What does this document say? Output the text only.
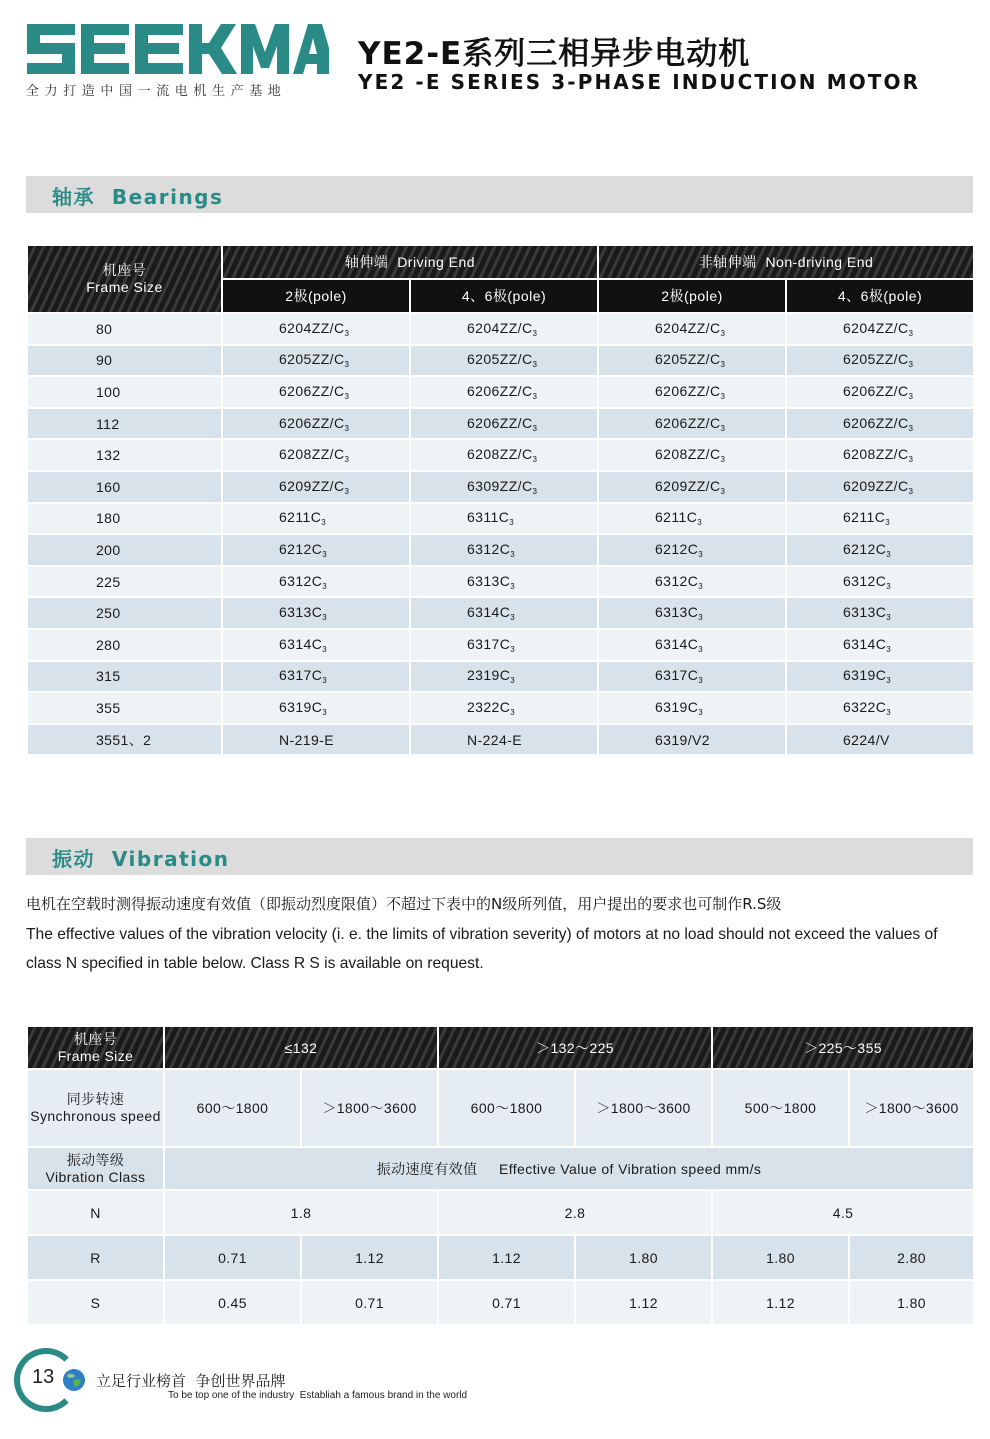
全力打造中国一流电机生产基地
YE2-E系列三相异步电动机
YE2 -E SERIES 3-PHASE INDUCTION MOTOR
轴承  Bearings
机座号
Frame Size	轴伸端  Driving End		非轴伸端  Non-driving End	
	2极(pole)	4、6极(pole)	2极(pole)	4、6极(pole)
80	$6204ZZ/C_3$	$6204ZZ/C_3$	$6204ZZ/C_3$	$6204ZZ/C_3$
90	$6205ZZ/C_3$	$6205ZZ/C_3$	$6205ZZ/C_3$	$6205ZZ/C_3$
100	$6206ZZ/C_3$	$6206ZZ/C_3$	$6206ZZ/C_3$	$6206ZZ/C_3$
112	$6206ZZ/C_3$	$6206ZZ/C_3$	$6206ZZ/C_3$	$6206ZZ/C_3$
132	$6208ZZ/C_3$	$6208ZZ/C_3$	$6208ZZ/C_3$	$6208ZZ/C_3$
160	$6209ZZ/C_3$	$6309ZZ/C_3$	$6209ZZ/C_3$	$6209ZZ/C_3$
180	$6211C_3$	$6311C_3$	$6211C_3$	$6211C_3$
200	$6212C_3$	$6312C_3$	$6212C_3$	$6212C_3$
225	$6312C_3$	$6313C_3$	$6312C_3$	$6312C_3$
250	$6313C_3$	$6314C_3$	$6313C_3$	$6313C_3$
280	$6314C_3$	$6317C_3$	$6314C_3$	$6314C_3$
315	$6317C_3$	$2319C_3$	$6317C_3$	$6319C_3$
355	$6319C_3$	$2322C_3$	$6319C_3$	$6322C_3$
3551、2	N-219-E	N-224-E	6319/V2	6224/V
振动  Vibration
电机在空载时测得振动速度有效值（即振动烈度限值）不超过下表中的N级所列值，用户提出的要求也可制作R.S级
The effective values of the vibration velocity (i. e. the limits of vibration severity) of motors at no load should not exceed the values of class N specified in table below. Class R S is available on request.
机座号
Frame Size	≤132		＞132～225		＞225～355	

同步转速
Synchronous speed	600～1800	＞1800～3600	600～1800	＞1800～3600	500～1800	＞1800～3600

振动等级
Vibration Class	振动速度有效值     Effective Value of Vibration speed mm/s					
N	1.8		2.8		4.5	
R	0.71	1.12	1.12	1.80	1.80	2.80
S	0.45	0.71	0.71	1.12	1.12	1.80
13	立足行业榜首  争创世界品牌
To be top one of the industry  Establiah a famous brand in the world
